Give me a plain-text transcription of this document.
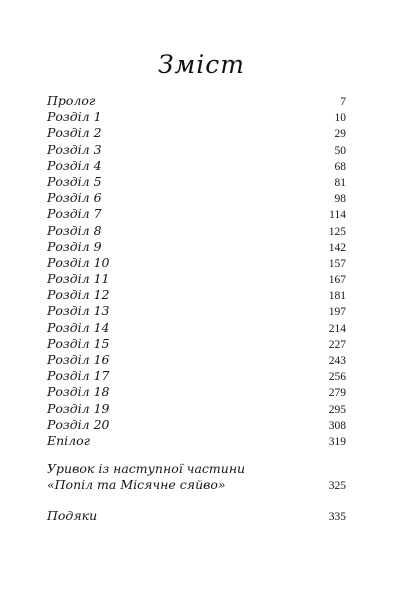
Зміст
Пролог	7
Розділ 1	10
Розділ 2	29
Розділ 3	50
Розділ 4	68
Розділ 5	81
Розділ 6	98
Розділ 7	114
Розділ 8	125
Розділ 9	142
Розділ 10	157
Розділ 11	167
Розділ 12	181
Розділ 13	197
Розділ 14	214
Розділ 15	227
Розділ 16	243
Розділ 17	256
Розділ 18	279
Розділ 19	295
Розділ 20	308
Епілог	319
Уривок із наступної частини
«Попіл та Місячне сяйво»	325
Подяки	335
